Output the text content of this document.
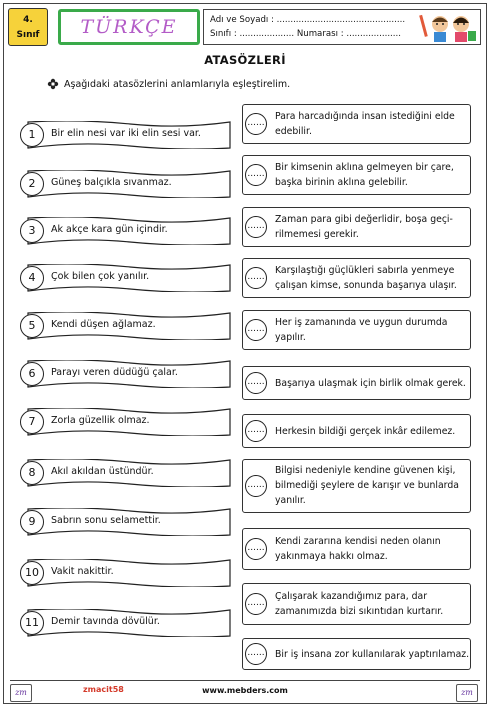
4.
Sınıf	TÜRKÇE	Adı ve Soyadı : ...............................................
Sınıfı : .................... Numarası : ....................
ATASÖZLERİ
Aşağıdaki atasözlerini anlamlarıyla eşleştirelim.
1	Bir elin nesi var iki elin sesi var.
2	Güneş balçıkla sıvanmaz.
3	Ak akçe kara gün içindir.
4	Çok bilen çok yanılır.
5	Kendi düşen ağlamaz.
6	Parayı veren düdüğü çalar.
7	Zorla güzellik olmaz.
8	Akıl akıldan üstündür.
9	Sabrın sonu selamettir.
10	Vakit nakittir.
11	Demir tavında dövülür.
......
Para harcadığında insan istediğini elde
edebilir.
......
Bir kimsenin aklına gelmeyen bir çare,
başka birinin aklına gelebilir.
......
Zaman para gibi değerlidir, boşa geçi-
rilmemesi gerekir.
......
Karşılaştığı güçlükleri sabırla yenmeye
çalışan kimse, sonunda başarıya ulaşır.
......
Her iş zamanında ve uygun durumda
yapılır.
...... Başarıya ulaşmak için birlik olmak gerek.
...... Herkesin bildiği gerçek inkâr edilemez.
......
Bilgisi nedeniyle kendine güvenen kişi,
bilmediği şeylere de karışır ve bunlarda
yanılır.
......
Kendi zararına kendisi neden olanın
yakınmaya hakkı olmaz.
......
Çalışarak kazandığımız para, dar
zamanımızda bizi sıkıntıdan kurtarır.
...... Bir iş insana zor kullanılarak yaptırılamaz.
zm	zmacit58	www.mebders.com	zm
